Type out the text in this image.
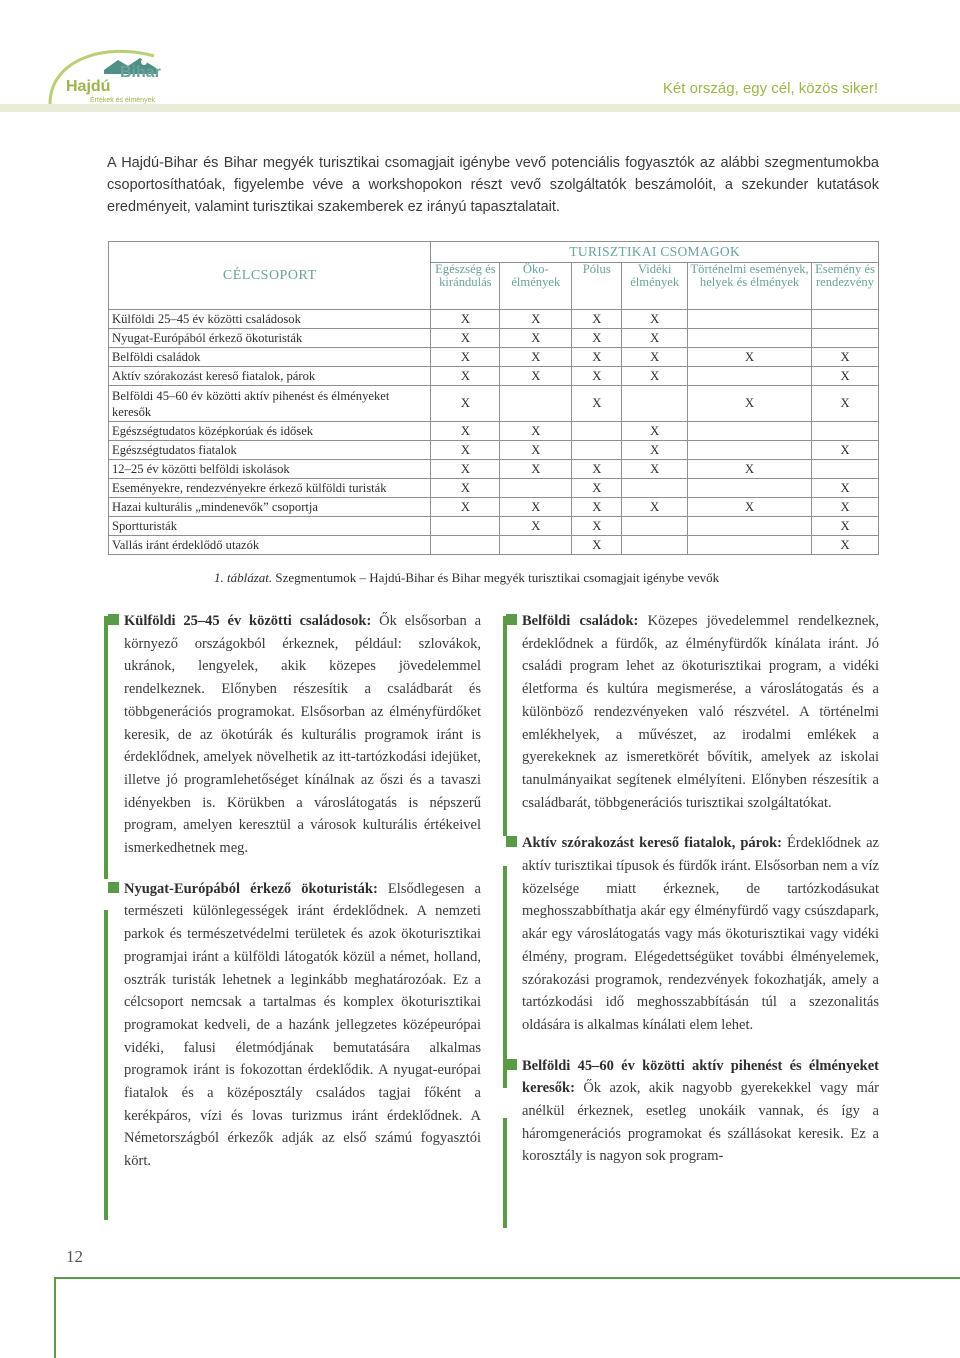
Hajdú
Bihar
Értékek és élmények
Két ország, egy cél, közös siker!

A Hajdú-Bihar és Bihar megyék turisztikai csomagjait igénybe vevő potenciális fogyasztók az alábbi szegmentumokba csoportosíthatóak, figyelembe véve a workshopokon részt vevő szolgáltatók beszámolóit, a szekunder kutatások eredményeit, valamint turisztikai szakemberek ez irányú tapasztalatait.

CÉLCSOPORT	TURISZTIKAI CSOMAGOK					
	Egészség és kirándulás	Öko-élmények	Pólus	Vidéki élmények	Történelmi események, helyek és élmények	Esemény és rendezvény
Külföldi 25–45 év közötti családosok	X	X	X	X		
Nyugat-Európából érkező ökoturisták	X	X	X	X		
Belföldi családok	X	X	X	X	X	X
Aktív szórakozást kereső fiatalok, párok	X	X	X	X		X
Belföldi 45–60 év közötti aktív pihenést és élményeket keresők	X		X		X	X
Egészségtudatos középkorúak és idősek	X	X		X		
Egészségtudatos fiatalok	X	X		X		X
12–25 év közötti belföldi iskolások	X	X	X	X	X	
Eseményekre, rendezvényekre érkező külföldi turisták	X		X			X
Hazai kulturális „mindenevők” csoportja	X	X	X	X	X	X
Sportturisták		X	X			X
Vallás iránt érdeklődő utazók			X			X
1. táblázat. Szegmentumok – Hajdú-Bihar és Bihar megyék turisztikai csomagjait igénybe vevők

Külföldi 25–45 év közötti családosok: Ők elsősorban a környező országokból érkeznek, például: szlovákok, ukránok, lengyelek, akik közepes jövedelemmel rendelkeznek. Előnyben részesítik a családbarát és többgenerációs programokat. Elsősorban az élményfürdőket keresik, de az ökotúrák és kulturális programok iránt is érdeklődnek, amelyek növelhetik az itt-tartózkodási idejüket, illetve jó programlehetőséget kínálnak az őszi és a tavaszi idényekben is. Körükben a városlátogatás is népszerű program, amelyen keresztül a városok kulturális értékeivel ismerkedhetnek meg.

Nyugat-Európából érkező ökoturisták: Elsődlegesen a természeti különlegességek iránt érdeklődnek. A nemzeti parkok és természetvédelmi területek és azok ökoturisztikai programjai iránt a külföldi látogatók közül a német, holland, osztrák turisták lehetnek a leginkább meghatározóak. Ez a célcsoport nemcsak a tartalmas és komplex ökoturisztikai programokat kedveli, de a hazánk jellegzetes középeurópai vidéki, falusi életmódjának bemutatására alkalmas programok iránt is fokozottan érdeklődik. A nyugat-európai fiatalok és a középosztály családos tagjai főként a kerékpáros, vízi és lovas turizmus iránt érdeklődnek. A Németországból érkezők adják az első számú fogyasztói kört.

Belföldi családok: Közepes jövedelemmel rendelkeznek, érdeklődnek a fürdők, az élményfürdők kínálata iránt. Jó családi program lehet az ökoturisztikai program, a vidéki életforma és kultúra megismerése, a városlátogatás és a különböző rendezvényeken való részvétel. A történelmi emlékhelyek, a művészet, az irodalmi emlékek a gyerekeknek az ismeretkörét bővítik, amelyek az iskolai tanulmányaikat segítenek elmélyíteni. Előnyben részesítik a családbarát, többgenerációs turisztikai szolgáltatókat.

Aktív szórakozást kereső fiatalok, párok: Érdeklődnek az aktív turisztikai típusok és fürdők iránt. Elsősorban nem a víz közelsége miatt érkeznek, de tartózkodásukat meghosszabbíthatja akár egy élményfürdő vagy csúszdapark, akár egy városlátogatás vagy más ökoturisztikai vagy vidéki élmény, program. Elégedettségüket további élményelemek, szórakozási programok, rendezvények fokozhatják, amely a tartózkodási idő meghosszabbításán túl a szezonalitás oldására is alkalmas kínálati elem lehet.

Belföldi 45–60 év közötti aktív pihenést és élményeket keresők: Ők azok, akik nagyobb gyerekekkel vagy már anélkül érkeznek, esetleg unokáik vannak, és így a háromgenerációs programokat és szállásokat keresik. Ez a korosztály is nagyon sok program-

12
